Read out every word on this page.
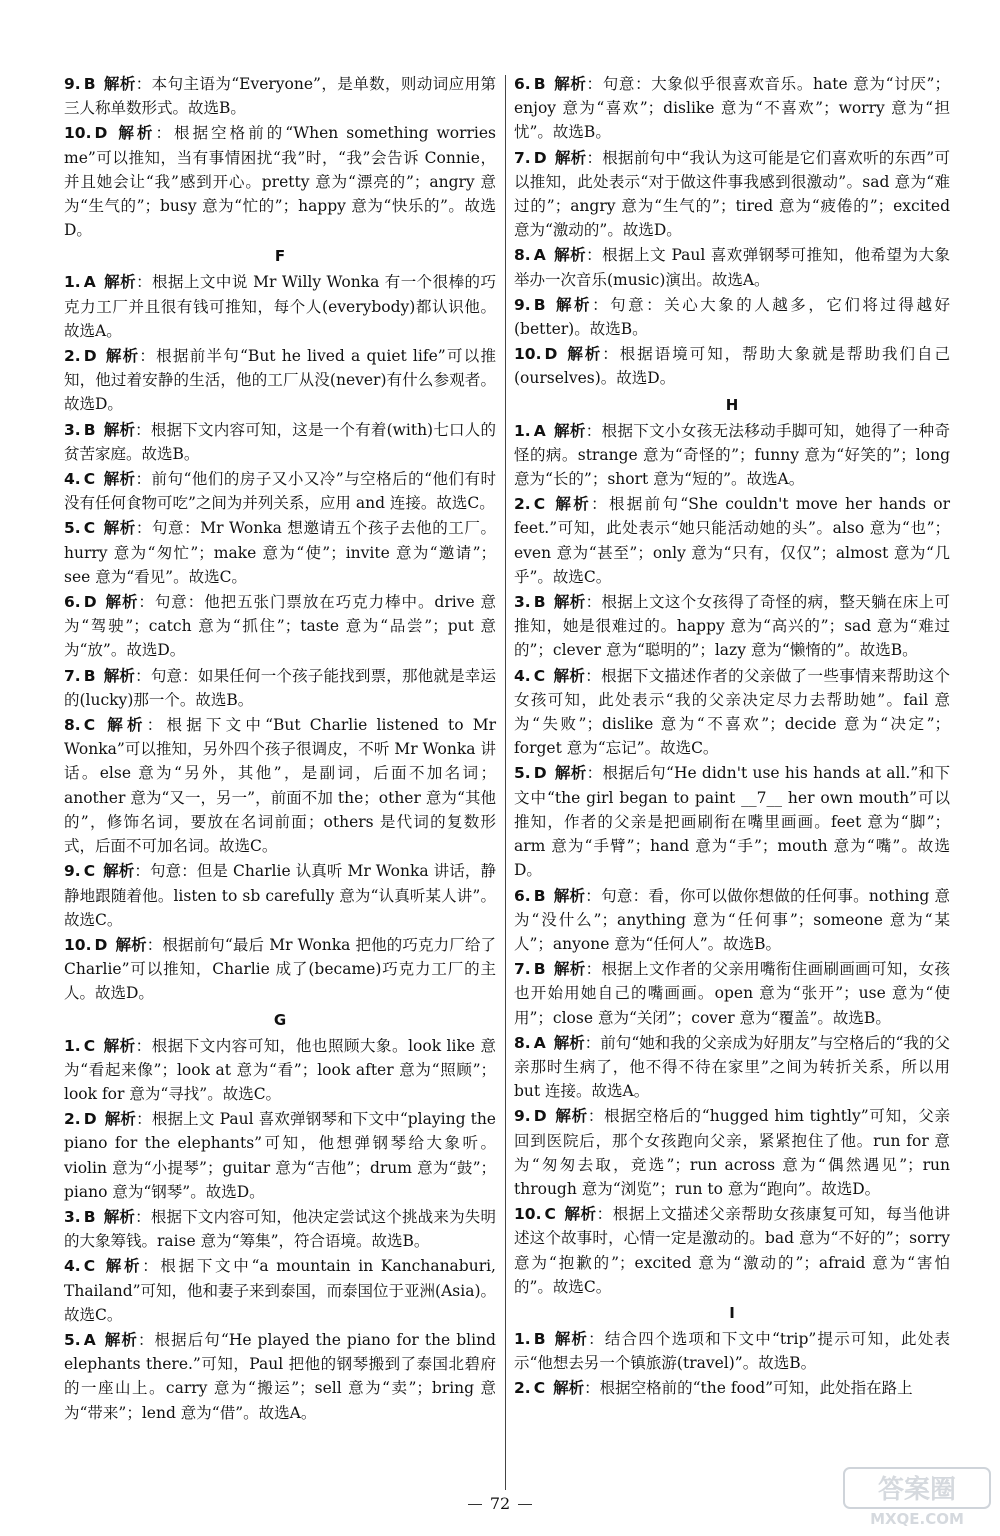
9. B 解析：本句主语为“Everyone”，是单数，则动词应用第三人称单数形式。故选B。
10. D 解析：根据空格前的“When something worries me”可以推知，当有事情困扰“我”时，“我”会告诉 Connie，并且她会让“我”感到开心。pretty 意为“漂亮的”；angry 意为“生气的”；busy 意为“忙的”；happy 意为“快乐的”。故选D。
F
1. A 解析：根据上文中说 Mr Willy Wonka 有一个很棒的巧克力工厂并且很有钱可推知，每个人(everybody)都认识他。故选A。
2. D 解析：根据前半句“But he lived a quiet life”可以推知，他过着安静的生活，他的工厂从没(never)有什么参观者。故选D。
3. B 解析：根据下文内容可知，这是一个有着(with)七口人的贫苦家庭。故选B。
4. C 解析：前句“他们的房子又小又冷”与空格后的“他们有时没有任何食物可吃”之间为并列关系，应用 and 连接。故选C。
5. C 解析：句意：Mr Wonka 想邀请五个孩子去他的工厂。hurry 意为“匆忙”；make 意为“使”；invite 意为“邀请”；see 意为“看见”。故选C。
6. D 解析：句意：他把五张门票放在巧克力棒中。drive 意为“驾驶”；catch 意为“抓住”；taste 意为“品尝”；put 意为“放”。故选D。
7. B 解析：句意：如果任何一个孩子能找到票，那他就是幸运的(lucky)那一个。故选B。
8. C 解析：根据下文中“But Charlie listened to Mr Wonka”可以推知，另外四个孩子很调皮，不听 Mr Wonka 讲话。else 意为“另外，其他”，是副词，后面不加名词；another 意为“又一，另一”，前面不加 the；other 意为“其他的”，修饰名词，要放在名词前面；others 是代词的复数形式，后面不可加名词。故选C。
9. C 解析：句意：但是 Charlie 认真听 Mr Wonka 讲话，静静地跟随着他。listen to sb carefully 意为“认真听某人讲”。故选C。
10. D 解析：根据前句“最后 Mr Wonka 把他的巧克力厂给了 Charlie”可以推知，Charlie 成了(became)巧克力工厂的主人。故选D。
G
1. C 解析：根据下文内容可知，他也照顾大象。look like 意为“看起来像”；look at 意为“看”；look after 意为“照顾”；look for 意为“寻找”。故选C。
2. D 解析：根据上文 Paul 喜欢弹钢琴和下文中“playing the piano for the elephants”可知，他想弹钢琴给大象听。violin 意为“小提琴”；guitar 意为“吉他”；drum 意为“鼓”；piano 意为“钢琴”。故选D。
3. B 解析：根据下文内容可知，他决定尝试这个挑战来为失明的大象筹钱。raise 意为“筹集”，符合语境。故选B。
4. C 解析：根据下文中“a mountain in Kanchanaburi, Thailand”可知，他和妻子来到泰国，而泰国位于亚洲(Asia)。故选C。
5. A 解析：根据后句“He played the piano for the blind elephants there.”可知，Paul 把他的钢琴搬到了泰国北碧府的一座山上。carry 意为“搬运”；sell 意为“卖”；bring 意为“带来”；lend 意为“借”。故选A。
6. B 解析：句意：大象似乎很喜欢音乐。hate 意为“讨厌”；enjoy 意为“喜欢”；dislike 意为“不喜欢”；worry 意为“担忧”。故选B。
7. D 解析：根据前句中“我认为这可能是它们喜欢听的东西”可以推知，此处表示“对于做这件事我感到很激动”。sad 意为“难过的”；angry 意为“生气的”；tired 意为“疲倦的”；excited 意为“激动的”。故选D。
8. A 解析：根据上文 Paul 喜欢弹钢琴可推知，他希望为大象举办一次音乐(music)演出。故选A。
9. B 解析：句意：关心大象的人越多，它们将过得越好(better)。故选B。
10. D 解析：根据语境可知，帮助大象就是帮助我们自己(ourselves)。故选D。
H
1. A 解析：根据下文小女孩无法移动手脚可知，她得了一种奇怪的病。strange 意为“奇怪的”；funny 意为“好笑的”；long 意为“长的”；short 意为“短的”。故选A。
2. C 解析：根据前句“She couldn't move her hands or feet.”可知，此处表示“她只能活动她的头”。also 意为“也”；even 意为“甚至”；only 意为“只有，仅仅”；almost 意为“几乎”。故选C。
3. B 解析：根据上文这个女孩得了奇怪的病，整天躺在床上可推知，她是很难过的。happy 意为“高兴的”；sad 意为“难过的”；clever 意为“聪明的”；lazy 意为“懒惰的”。故选B。
4. C 解析：根据下文描述作者的父亲做了一些事情来帮助这个女孩可知，此处表示“我的父亲决定尽力去帮助她”。fail 意为“失败”；dislike 意为“不喜欢”；decide 意为“决定”；forget 意为“忘记”。故选C。
5. D 解析：根据后句“He didn't use his hands at all.”和下文中“the girl began to paint __7__ her own mouth”可以推知，作者的父亲是把画刷衔在嘴里画画。feet 意为“脚”；arm 意为“手臂”；hand 意为“手”；mouth 意为“嘴”。故选D。
6. B 解析：句意：看，你可以做你想做的任何事。nothing 意为“没什么”；anything 意为“任何事”；someone 意为“某人”；anyone 意为“任何人”。故选B。
7. B 解析：根据上文作者的父亲用嘴衔住画刷画画可知，女孩也开始用她自己的嘴画画。open 意为“张开”；use 意为“使用”；close 意为“关闭”；cover 意为“覆盖”。故选B。
8. A 解析：前句“她和我的父亲成为好朋友”与空格后的“我的父亲那时生病了，他不得不待在家里”之间为转折关系，所以用 but 连接。故选A。
9. D 解析：根据空格后的“hugged him tightly”可知，父亲回到医院后，那个女孩跑向父亲，紧紧抱住了他。run for 意为“匆匆去取，竞选”；run across 意为“偶然遇见”；run through 意为“浏览”；run to 意为“跑向”。故选D。
10. C 解析：根据上文描述父亲帮助女孩康复可知，每当他讲述这个故事时，心情一定是激动的。bad 意为“不好的”；sorry 意为“抱歉的”；excited 意为“激动的”；afraid 意为“害怕的”。故选C。
I
1. B 解析：结合四个选项和下文中“trip”提示可知，此处表示“他想去另一个镇旅游(travel)”。故选B。
2. C 解析：根据空格前的“the food”可知，此处指在路上
72	答案圈
MXQE.COM
